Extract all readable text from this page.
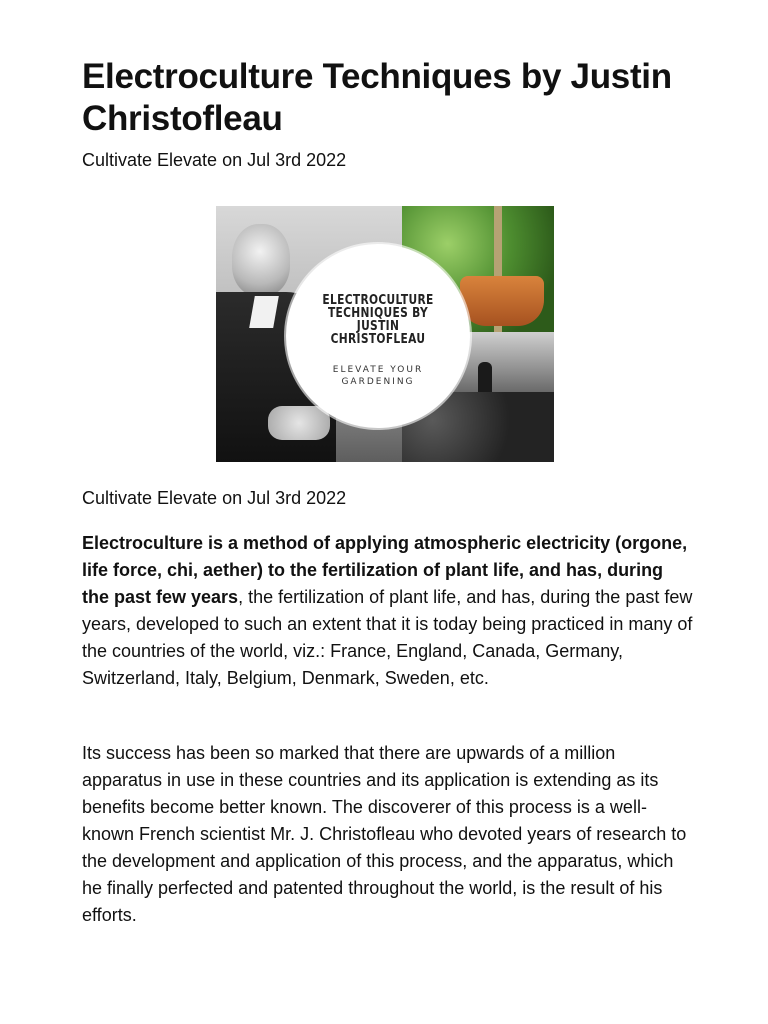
Electroculture Techniques by Justin Christofleau
Cultivate Elevate on Jul 3rd 2022
ELECTROCULTURE TECHNIQUES BY JUSTIN CHRISTOFLEAU
ELEVATE YOUR GARDENING
Cultivate Elevate on Jul 3rd 2022

Electroculture is a method of applying atmospheric electricity (orgone, life force, chi, aether) to the fertilization of plant life, and has, during the past few years, the fertilization of plant life, and has, during the past few years, developed to such an extent that it is today being practiced in many of the countries of the world, viz.: France, England, Canada, Germany, Switzerland, Italy, Belgium, Denmark, Sweden, etc.

Its success has been so marked that there are upwards of a million apparatus in use in these countries and its application is extending as its benefits become better known. The discoverer of this process is a well-known French scientist Mr. J. Christofleau who devoted years of research to the development and application of this process, and the apparatus, which he finally perfected and patented throughout the world, is the result of his efforts.
